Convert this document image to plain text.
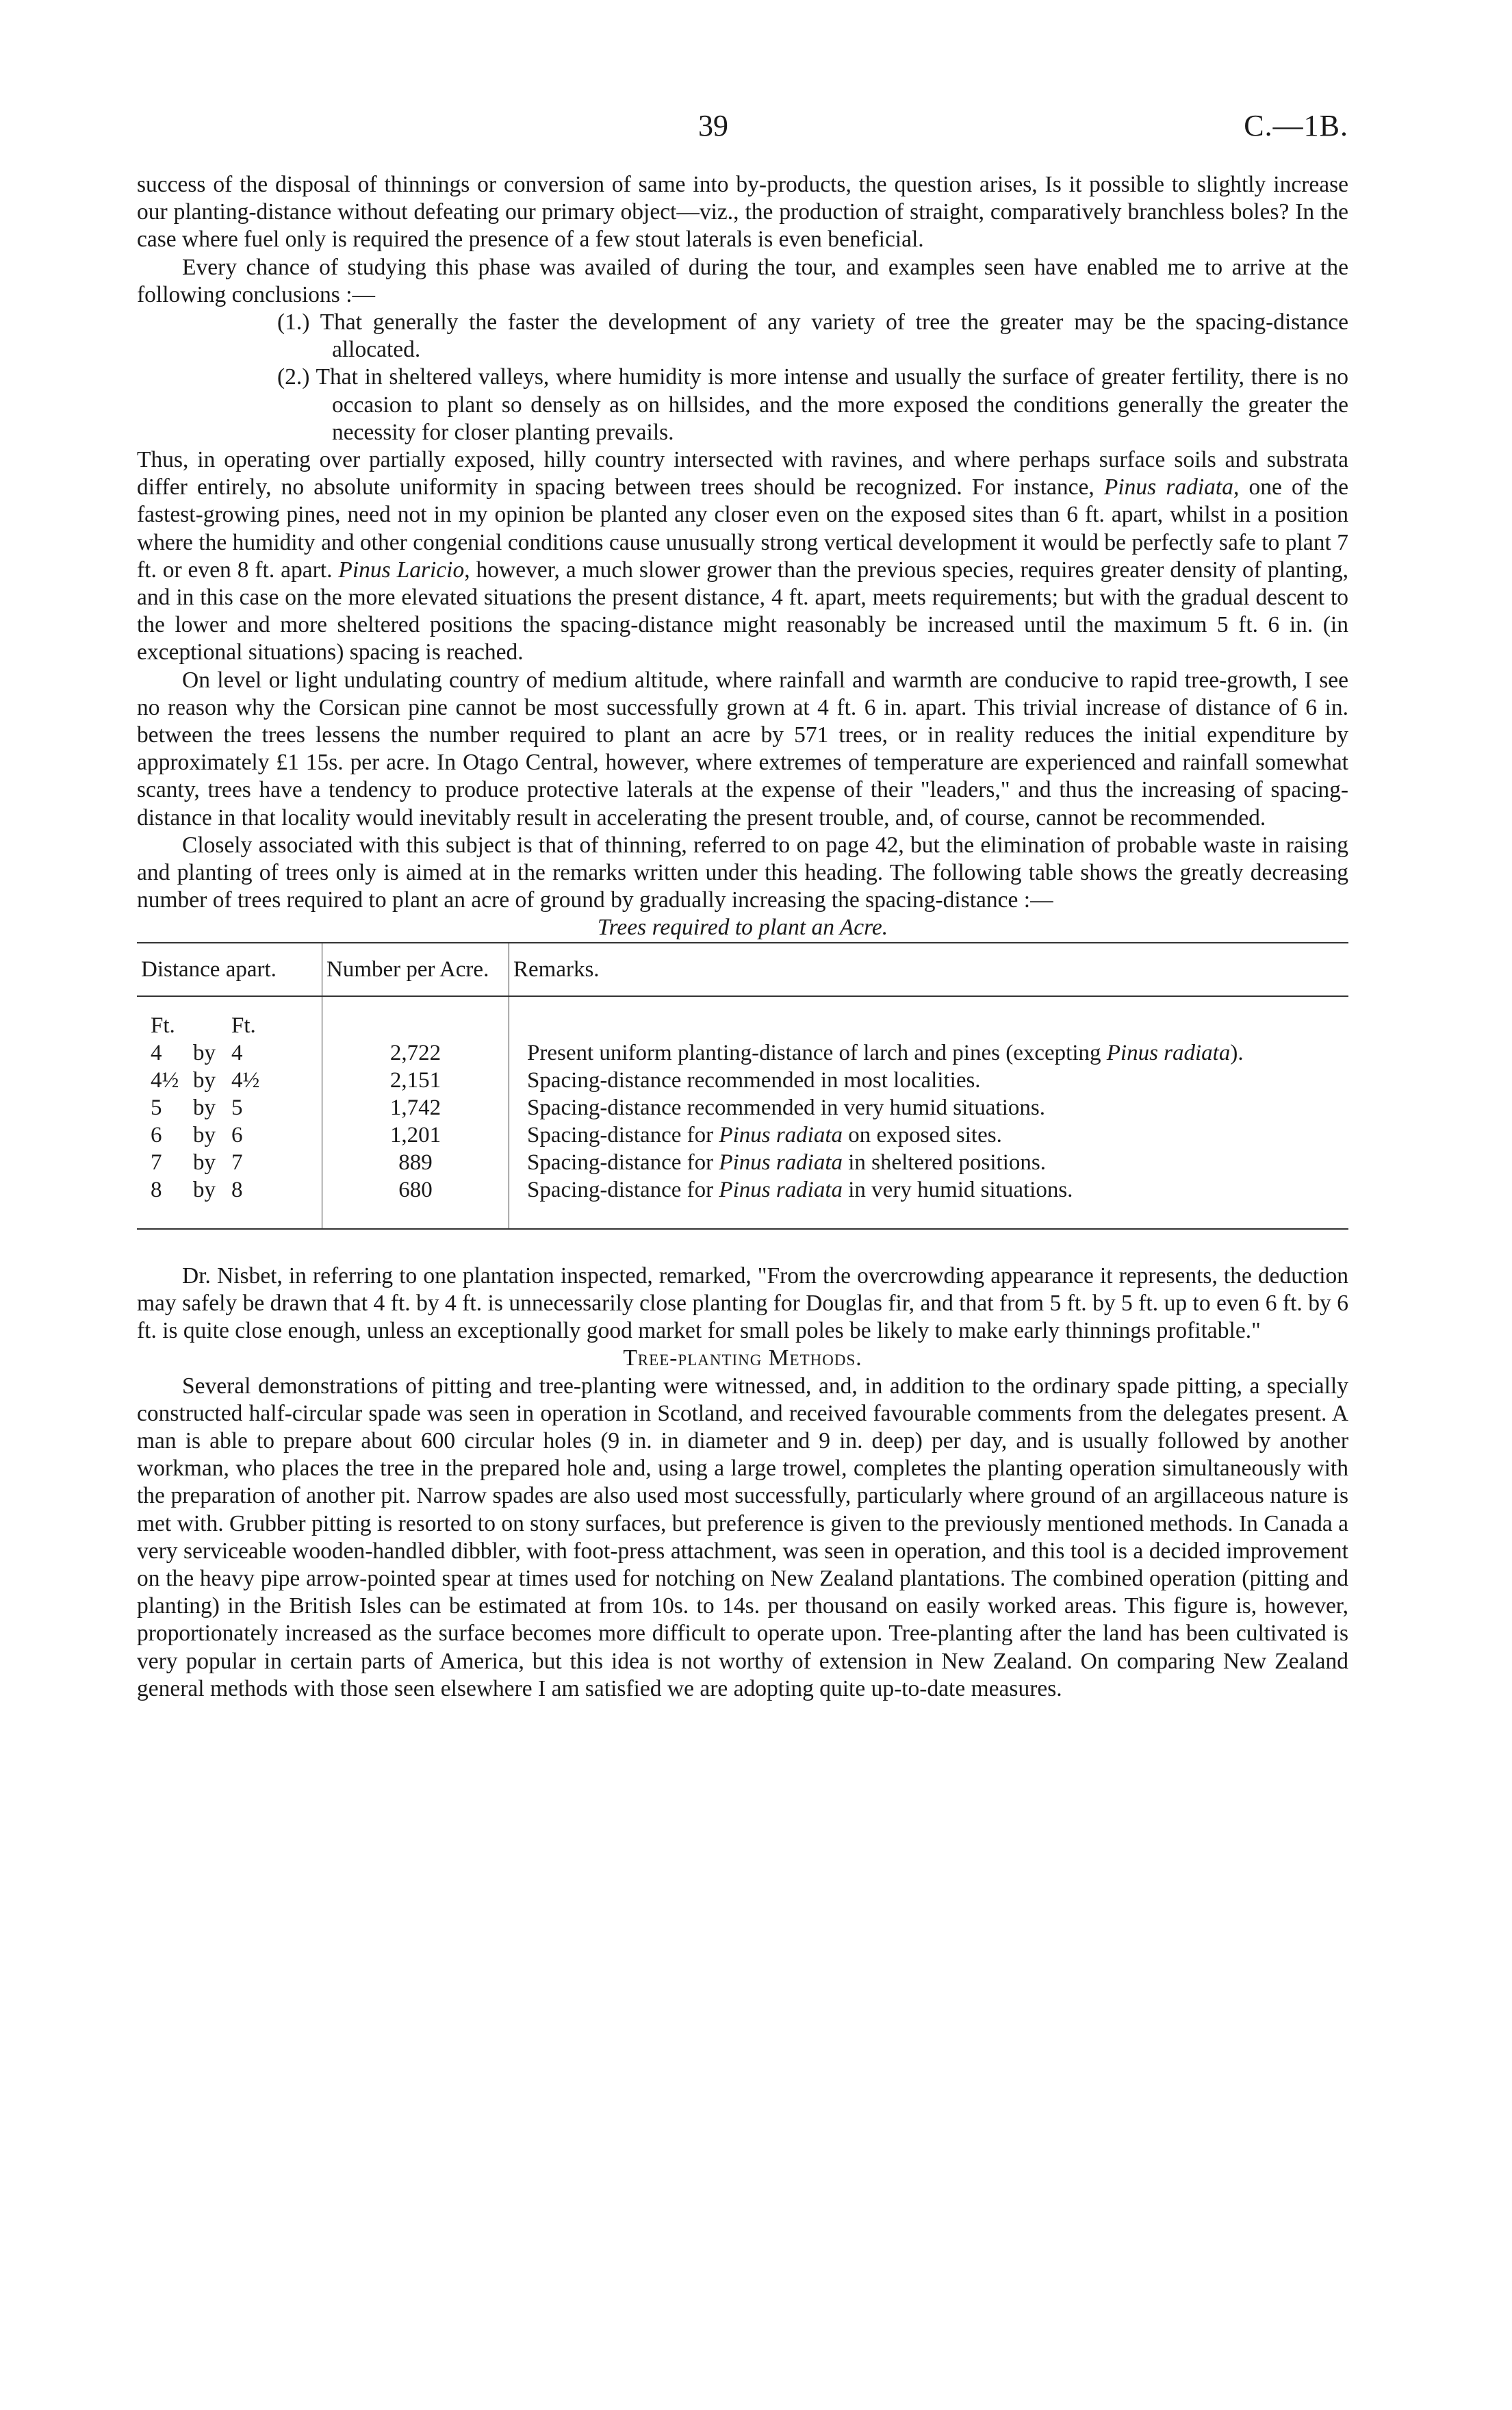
39	C.—1B.

success of the disposal of thinnings or conversion of same into by-products, the question arises, Is it possible to slightly increase our planting-distance without defeating our primary object—viz., the production of straight, comparatively branchless boles? In the case where fuel only is required the presence of a few stout laterals is even beneficial.

Every chance of studying this phase was availed of during the tour, and examples seen have enabled me to arrive at the following conclusions :—

(1.) That generally the faster the development of any variety of tree the greater may be the spacing-distance allocated.

(2.) That in sheltered valleys, where humidity is more intense and usually the surface of greater fertility, there is no occasion to plant so densely as on hillsides, and the more exposed the conditions generally the greater the necessity for closer planting prevails.

Thus, in operating over partially exposed, hilly country intersected with ravines, and where perhaps surface soils and substrata differ entirely, no absolute uniformity in spacing between trees should be recognized. For instance, Pinus radiata, one of the fastest-growing pines, need not in my opinion be planted any closer even on the exposed sites than 6 ft. apart, whilst in a position where the humidity and other congenial conditions cause unusually strong vertical development it would be perfectly safe to plant 7 ft. or even 8 ft. apart. Pinus Laricio, however, a much slower grower than the previous species, requires greater density of planting, and in this case on the more elevated situations the present distance, 4 ft. apart, meets requirements; but with the gradual descent to the lower and more sheltered positions the spacing-distance might reasonably be increased until the maximum 5 ft. 6 in. (in exceptional situations) spacing is reached.

On level or light undulating country of medium altitude, where rainfall and warmth are conducive to rapid tree-growth, I see no reason why the Corsican pine cannot be most successfully grown at 4 ft. 6 in. apart. This trivial increase of distance of 6 in. between the trees lessens the number required to plant an acre by 571 trees, or in reality reduces the initial expenditure by approximately £1 15s. per acre. In Otago Central, however, where extremes of temperature are experienced and rainfall somewhat scanty, trees have a tendency to produce protective laterals at the expense of their "leaders," and thus the increasing of spacing-distance in that locality would inevitably result in accelerating the present trouble, and, of course, cannot be recommended.

Closely associated with this subject is that of thinning, referred to on page 42, but the elimination of probable waste in raising and planting of trees only is aimed at in the remarks written under this heading. The following table shows the greatly decreasing number of trees required to plant an acre of ground by gradually increasing the spacing-distance :—

Trees required to plant an Acre.

Distance apart.	Number per Acre.	Remarks.
Ft. Ft.		
4 by 4	2,722	Present uniform planting-distance of larch and pines (excepting Pinus radiata).

4½ by 4½	2,151	Spacing-distance recommended in most localities.

5 by 5	1,742	Spacing-distance recommended in very humid situations.

6 by 6	1,201	Spacing-distance for Pinus radiata on exposed sites.

7 by 7	889	Spacing-distance for Pinus radiata in sheltered positions.

8 by 8	680	Spacing-distance for Pinus radiata in very humid situations.

Dr. Nisbet, in referring to one plantation inspected, remarked, "From the overcrowding appearance it represents, the deduction may safely be drawn that 4 ft. by 4 ft. is unnecessarily close planting for Douglas fir, and that from 5 ft. by 5 ft. up to even 6 ft. by 6 ft. is quite close enough, unless an exceptionally good market for small poles be likely to make early thinnings profitable."

Tree-planting Methods.

Several demonstrations of pitting and tree-planting were witnessed, and, in addition to the ordinary spade pitting, a specially constructed half-circular spade was seen in operation in Scotland, and received favourable comments from the delegates present. A man is able to prepare about 600 circular holes (9 in. in diameter and 9 in. deep) per day, and is usually followed by another workman, who places the tree in the prepared hole and, using a large trowel, completes the planting operation simultaneously with the preparation of another pit. Narrow spades are also used most successfully, particularly where ground of an argillaceous nature is met with. Grubber pitting is resorted to on stony surfaces, but preference is given to the previously mentioned methods. In Canada a very serviceable wooden-handled dibbler, with foot-press attachment, was seen in operation, and this tool is a decided improvement on the heavy pipe arrow-pointed spear at times used for notching on New Zealand plantations. The combined operation (pitting and planting) in the British Isles can be estimated at from 10s. to 14s. per thousand on easily worked areas. This figure is, however, proportionately increased as the surface becomes more difficult to operate upon. Tree-planting after the land has been cultivated is very popular in certain parts of America, but this idea is not worthy of extension in New Zealand. On comparing New Zealand general methods with those seen elsewhere I am satisfied we are adopting quite up-to-date measures.
